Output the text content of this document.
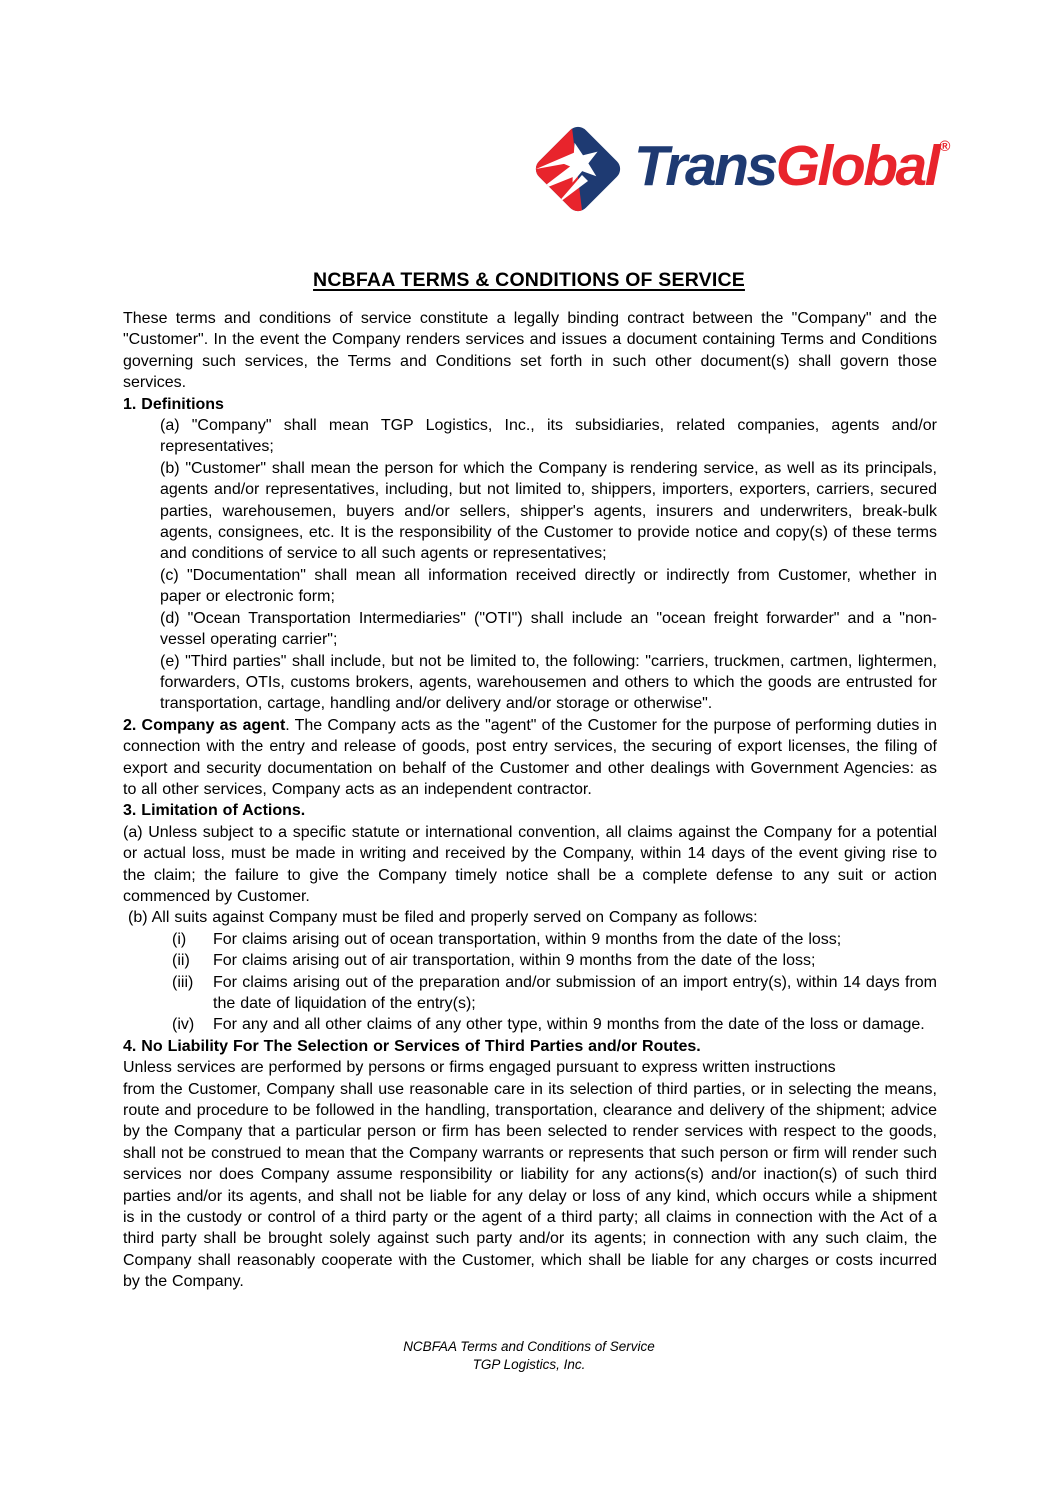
TransGlobal®
NCBFAA TERMS & CONDITIONS OF SERVICE

These terms and conditions of service constitute a legally binding contract between the "Company" and the "Customer". In the event the Company renders services and issues a document containing Terms and Conditions governing such services, the Terms and Conditions set forth in such other document(s) shall govern those services.

1. Definitions
(a) "Company" shall mean TGP Logistics, Inc., its subsidiaries, related companies, agents and/or representatives;
(b) "Customer" shall mean the person for which the Company is rendering service, as well as its principals, agents and/or representatives, including, but not limited to, shippers, importers, exporters, carriers, secured parties, warehousemen, buyers and/or sellers, shipper's agents, insurers and underwriters, break-bulk agents, consignees, etc. It is the responsibility of the Customer to provide notice and copy(s) of these terms and conditions of service to all such agents or representatives;
(c) "Documentation" shall mean all information received directly or indirectly from Customer, whether in paper or electronic form;
(d) "Ocean Transportation Intermediaries" ("OTI") shall include an "ocean freight forwarder" and a "non-vessel operating carrier";
(e) "Third parties" shall include, but not be limited to, the following: "carriers, truckmen, cartmen, lightermen, forwarders, OTIs, customs brokers, agents, warehousemen and others to which the goods are entrusted for transportation, cartage, handling and/or delivery and/or storage or otherwise".

2. Company as agent. The Company acts as the "agent" of the Customer for the purpose of performing duties in connection with the entry and release of goods, post entry services, the securing of export licenses, the filing of export and security documentation on behalf of the Customer and other dealings with Government Agencies: as to all other services, Company acts as an independent contractor.

3. Limitation of Actions.

(a) Unless subject to a specific statute or international convention, all claims against the Company for a potential or actual loss, must be made in writing and received by the Company, within 14 days of the event giving rise to the claim; the failure to give the Company timely notice shall be a complete defense to any suit or action commenced by Customer.

(b) All suits against Company must be filed and properly served on Company as follows:
(i)	For claims arising out of ocean transportation, within 9 months from the date of the loss;
(ii)	For claims arising out of air transportation, within 9 months from the date of the loss;
(iii)	For claims arising out of the preparation and/or submission of an import entry(s), within 14 days from the date of liquidation of the entry(s);
(iv)	For any and all other claims of any other type, within 9 months from the date of the loss or damage.
4. No Liability For The Selection or Services of Third Parties and/or Routes.
Unless services are performed by persons or firms engaged pursuant to express written instructions

from the Customer, Company shall use reasonable care in its selection of third parties, or in selecting the means, route and procedure to be followed in the handling, transportation, clearance and delivery of the shipment; advice by the Company that a particular person or firm has been selected to render services with respect to the goods, shall not be construed to mean that the Company warrants or represents that such person or firm will render such services nor does Company assume responsibility or liability for any actions(s) and/or inaction(s) of such third parties and/or its agents, and shall not be liable for any delay or loss of any kind, which occurs while a shipment is in the custody or control of a third party or the agent of a third party; all claims in connection with the Act of a third party shall be brought solely against such party and/or its agents; in connection with any such claim, the Company shall reasonably cooperate with the Customer, which shall be liable for any charges or costs incurred by the Company.

NCBFAA Terms and Conditions of Service
TGP Logistics, Inc.
